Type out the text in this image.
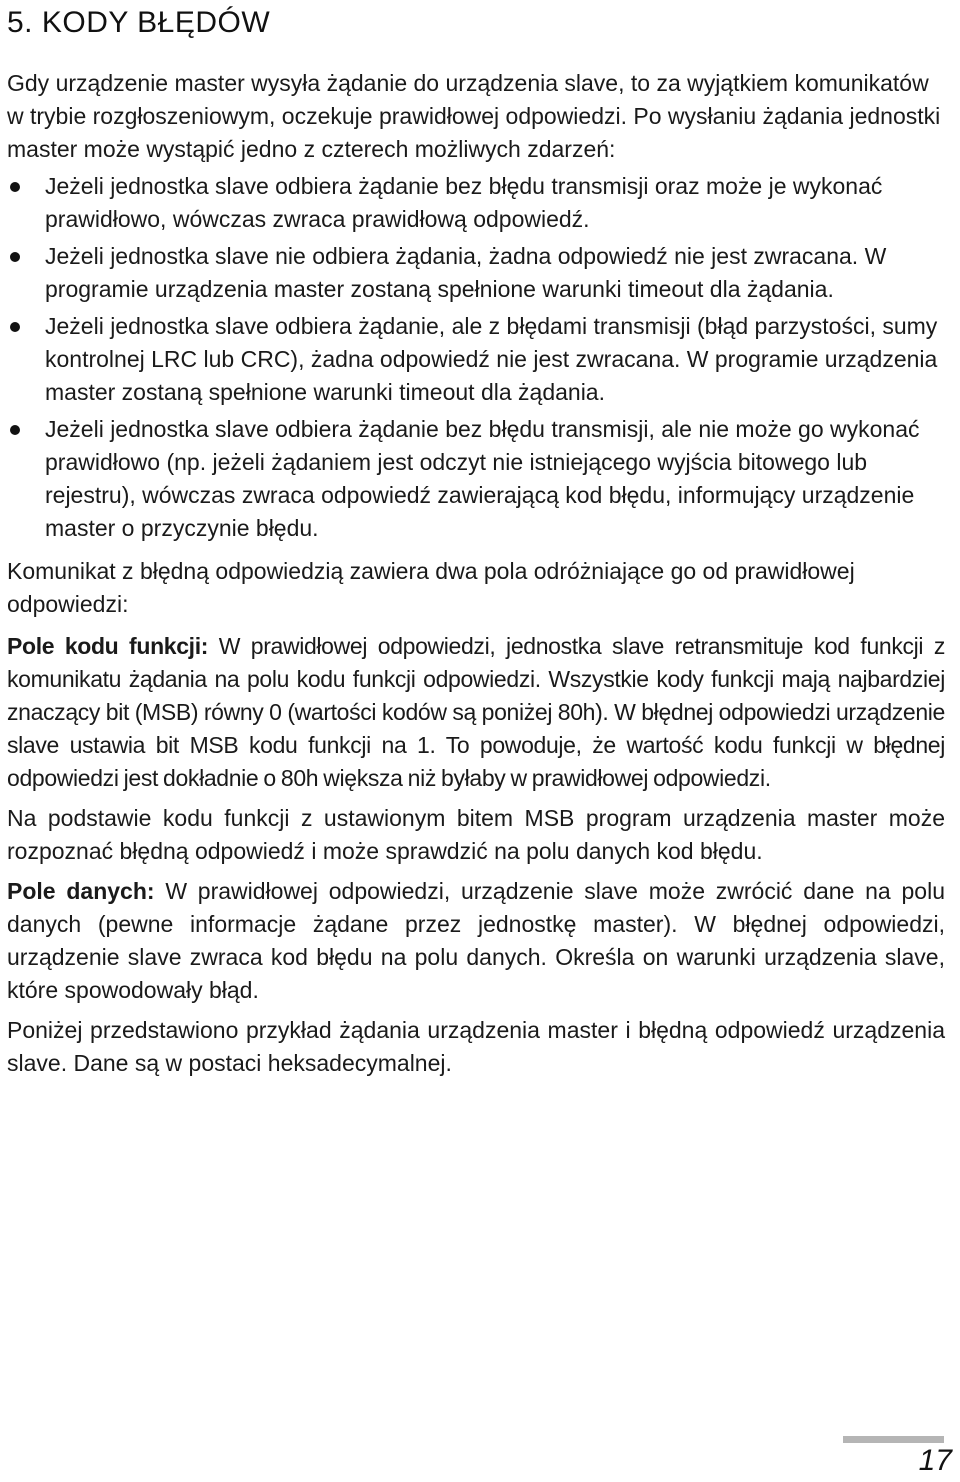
5. KODY BŁĘDÓW

Gdy urządzenie master wysyła żądanie do urządzenia slave, to za wyjątkiem komunikatów w trybie rozgłoszeniowym, oczekuje prawidłowej odpowiedzi. Po wysłaniu żądania jednostki master może wystąpić jedno z czterech możliwych zdarzeń:

Jeżeli jednostka slave odbiera żądanie bez błędu transmisji oraz może je wykonać prawidłowo, wówczas zwraca prawidłową odpowiedź.
Jeżeli jednostka slave nie odbiera żądania, żadna odpowiedź nie jest zwracana. W programie urządzenia master zostaną spełnione warunki timeout dla żądania.
Jeżeli jednostka slave odbiera żądanie, ale z błędami transmisji (błąd parzystości, sumy kontrolnej LRC lub CRC), żadna odpowiedź nie jest zwracana. W programie urządzenia master zostaną spełnione warunki timeout dla żądania.
Jeżeli jednostka slave odbiera żądanie bez błędu transmisji, ale nie może go wykonać prawidłowo (np. jeżeli żądaniem jest odczyt nie istniejącego wyjścia bitowego lub rejestru), wówczas zwraca odpowiedź zawierającą kod błędu, informujący urządzenie master o przyczynie błędu.

Komunikat z błędną odpowiedzią zawiera dwa pola odróżniające go od prawidłowej odpowiedzi:

Pole kodu funkcji: W prawidłowej odpowiedzi, jednostka slave retransmituje kod funkcji z komunikatu żądania na polu kodu funkcji odpowiedzi. Wszystkie kody funkcji mają najbardziej znaczący bit (MSB) równy 0 (wartości kodów są poniżej 80h). W błędnej odpowiedzi urządzenie slave ustawia bit MSB kodu funkcji na 1. To powoduje, że wartość kodu funkcji w błędnej odpowiedzi jest dokładnie o 80h większa niż byłaby w prawidłowej odpowiedzi.

Na podstawie kodu funkcji z ustawionym bitem MSB program urządzenia master może rozpoznać błędną odpowiedź i może sprawdzić na polu danych kod błędu.

Pole danych: W prawidłowej odpowiedzi, urządzenie slave może zwrócić dane na polu danych (pewne informacje żądane przez jednostkę master). W błędnej odpowiedzi, urządzenie slave zwraca kod błędu na polu danych. Określa on warunki urządzenia slave, które spowodowały błąd.

Poniżej przedstawiono przykład żądania urządzenia master i błędną odpowiedź urządzenia slave. Dane są w postaci heksadecymalnej.

17
